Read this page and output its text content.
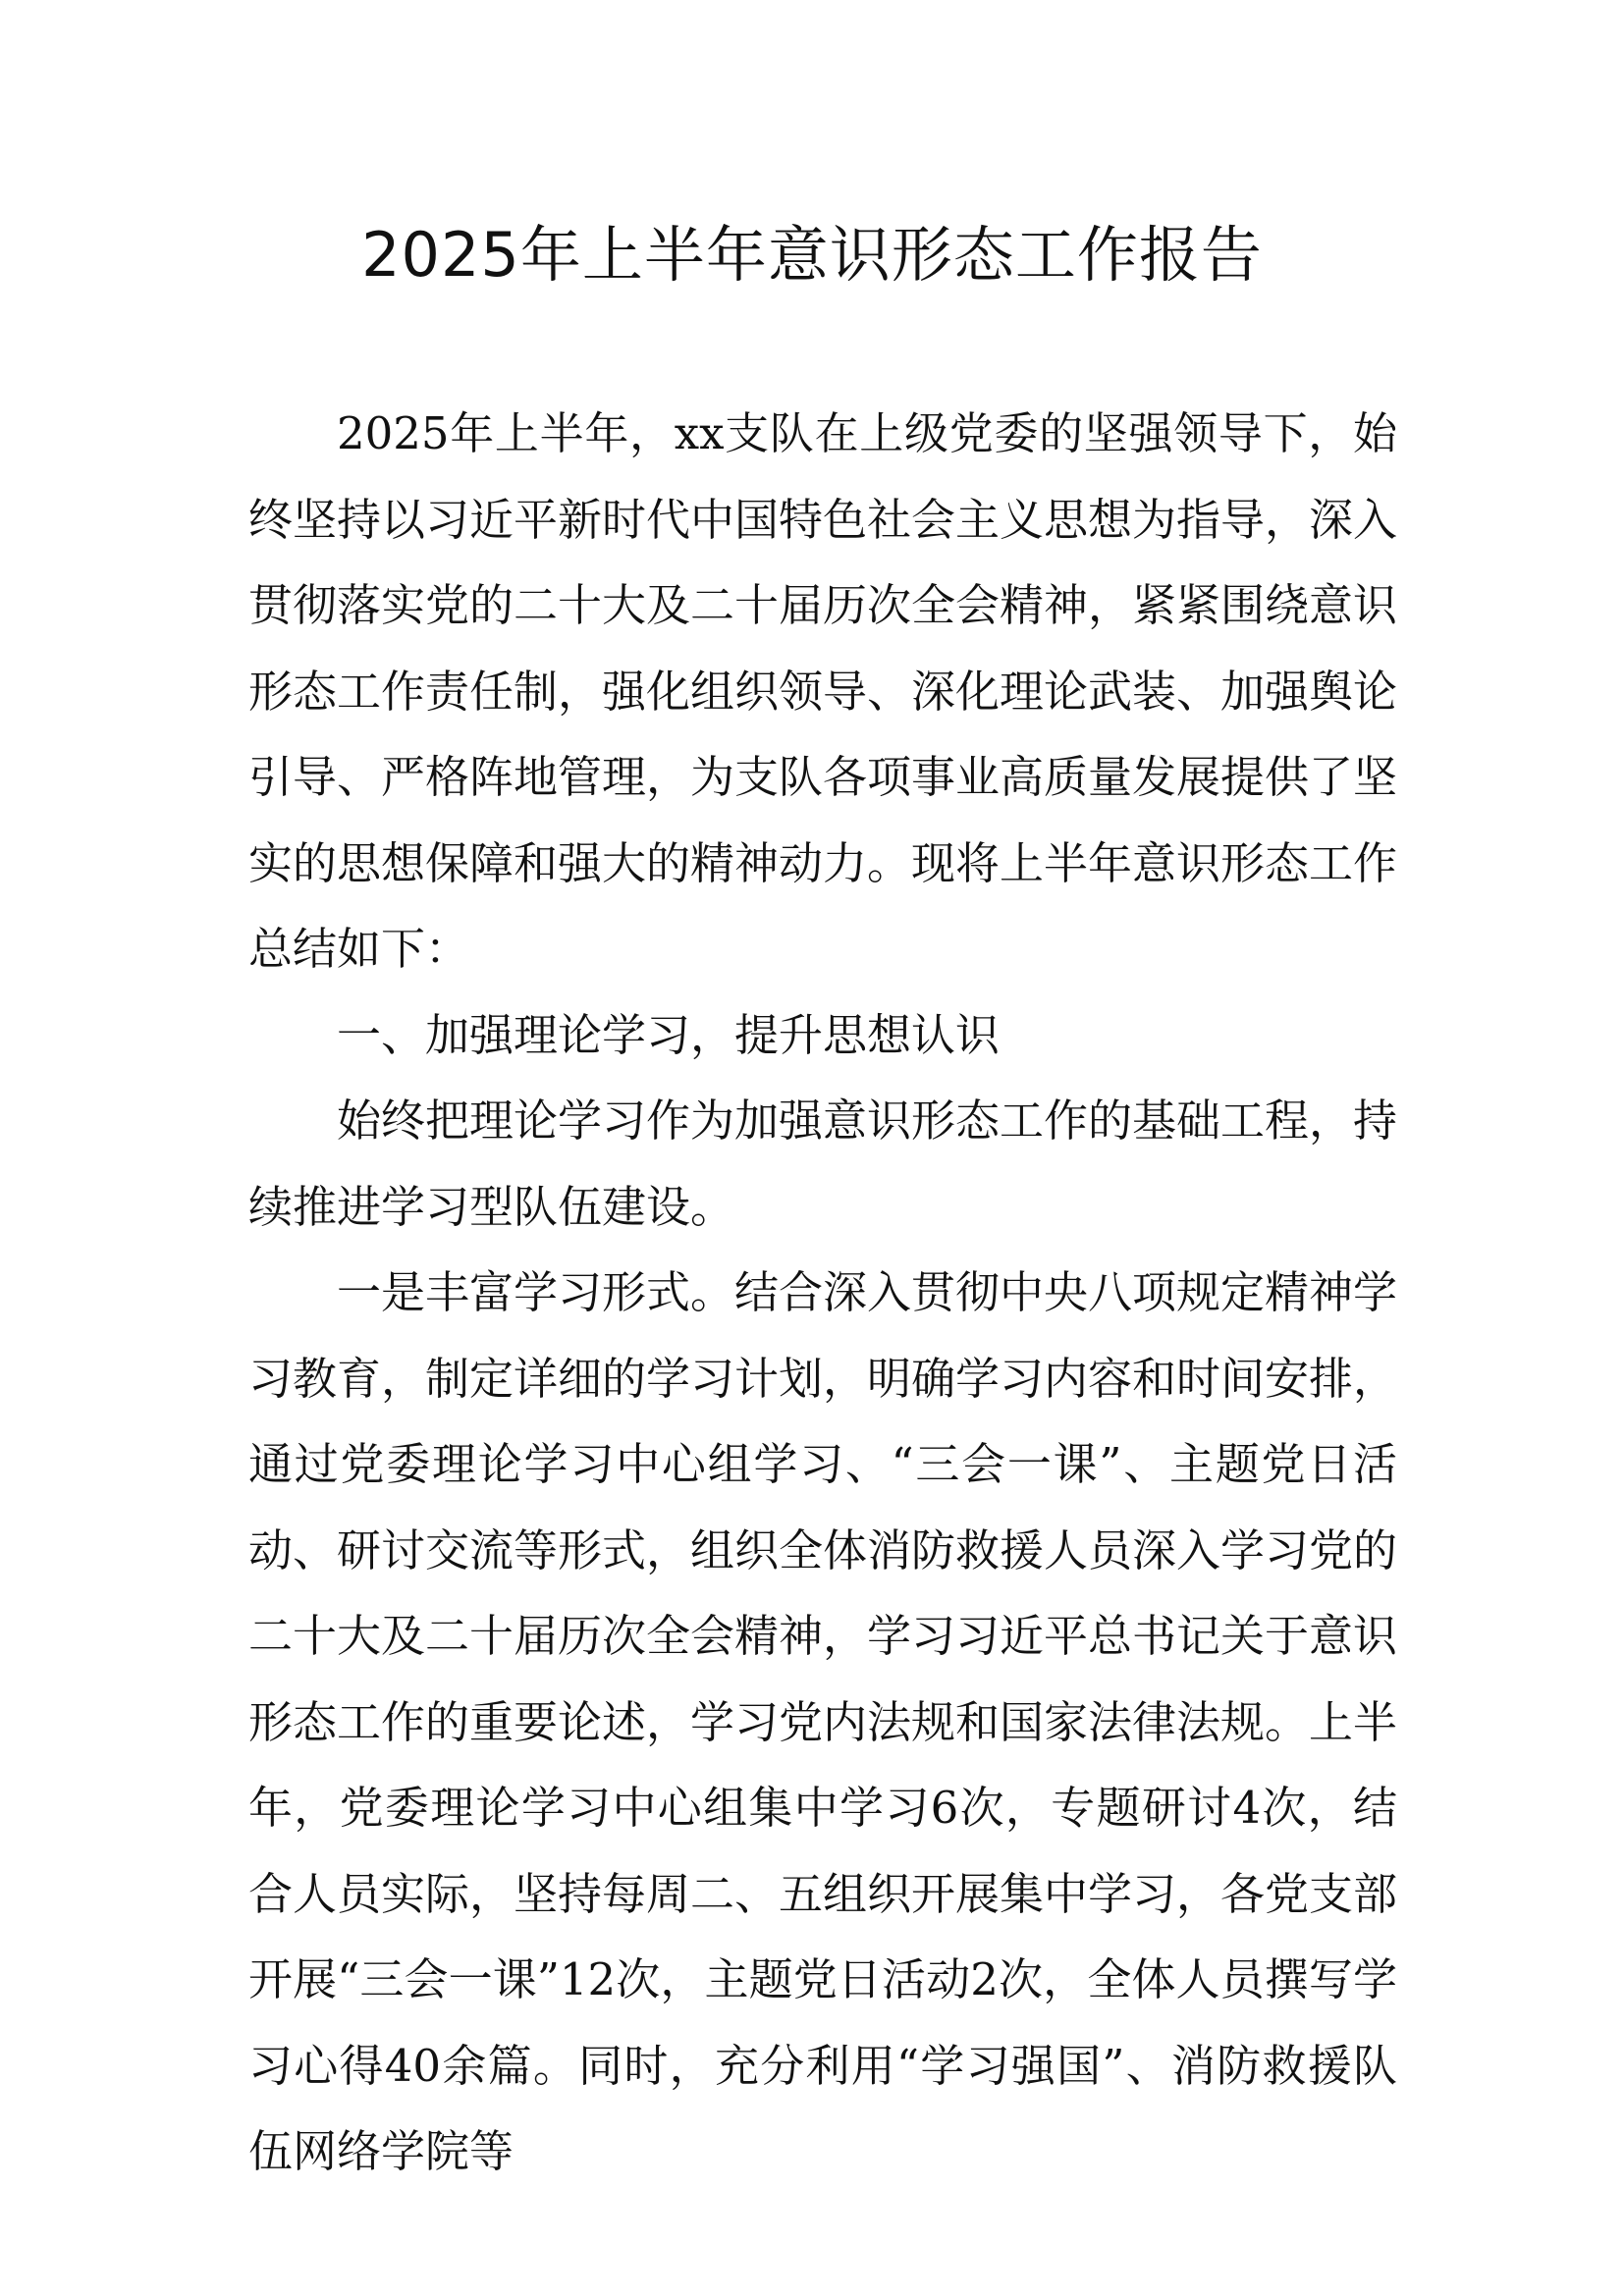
2025年上半年意识形态工作报告

2025年上半年，xx支队在上级党委的坚强领导下，始终坚持以习近平新时代中国特色社会主义思想为指导，深入贯彻落实党的二十大及二十届历次全会精神，紧紧围绕意识形态工作责任制，强化组织领导、深化理论武装、加强舆论引导、严格阵地管理，为支队各项事业高质量发展提供了坚实的思想保障和强大的精神动力。现将上半年意识形态工作总结如下：

一、加强理论学习，提升思想认识

始终把理论学习作为加强意识形态工作的基础工程，持续推进学习型队伍建设。

一是丰富学习形式。结合深入贯彻中央八项规定精神学习教育，制定详细的学习计划，明确学习内容和时间安排，通过党委理论学习中心组学习、“三会一课”、主题党日活动、研讨交流等形式，组织全体消防救援人员深入学习党的二十大及二十届历次全会精神，学习习近平总书记关于意识形态工作的重要论述，学习党内法规和国家法律法规。上半年，党委理论学习中心组集中学习6次，专题研讨4次，结合人员实际，坚持每周二、五组织开展集中学习，各党支部开展“三会一课”12次，主题党日活动2次，全体人员撰写学习心得40余篇。同时，充分利用“学习强国”、消防救援队伍网络学院等
